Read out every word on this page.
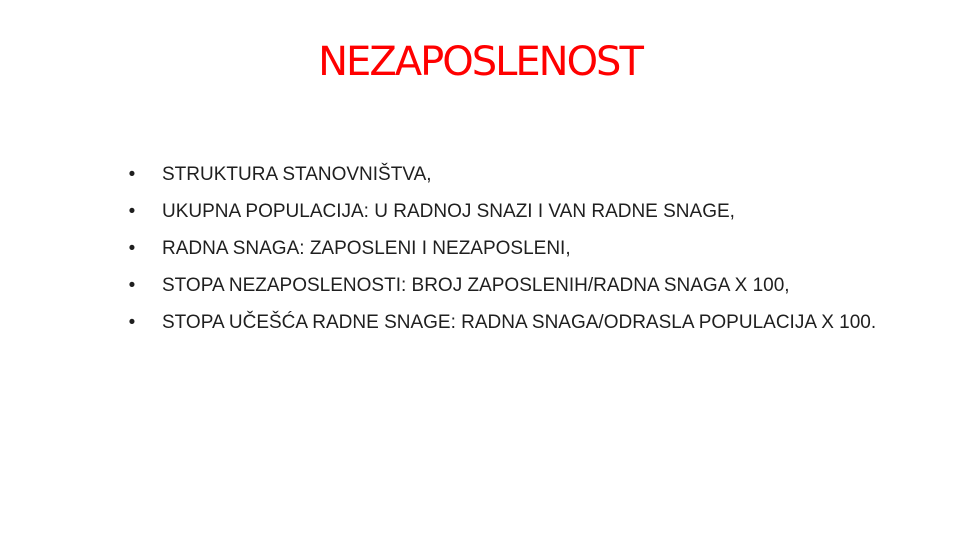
NEZAPOSLENOST
• STRUKTURA STANOVNIŠTVA,
• UKUPNA POPULACIJA: U RADNOJ SNAZI I VAN RADNE SNAGE,
• RADNA SNAGA: ZAPOSLENI I NEZAPOSLENI,
• STOPA NEZAPOSLENOSTI: BROJ ZAPOSLENIH/RADNA SNAGA X 100,
• STOPA UČEŠĆA RADNE SNAGE: RADNA SNAGA/ODRASLA POPULACIJA X 100.
